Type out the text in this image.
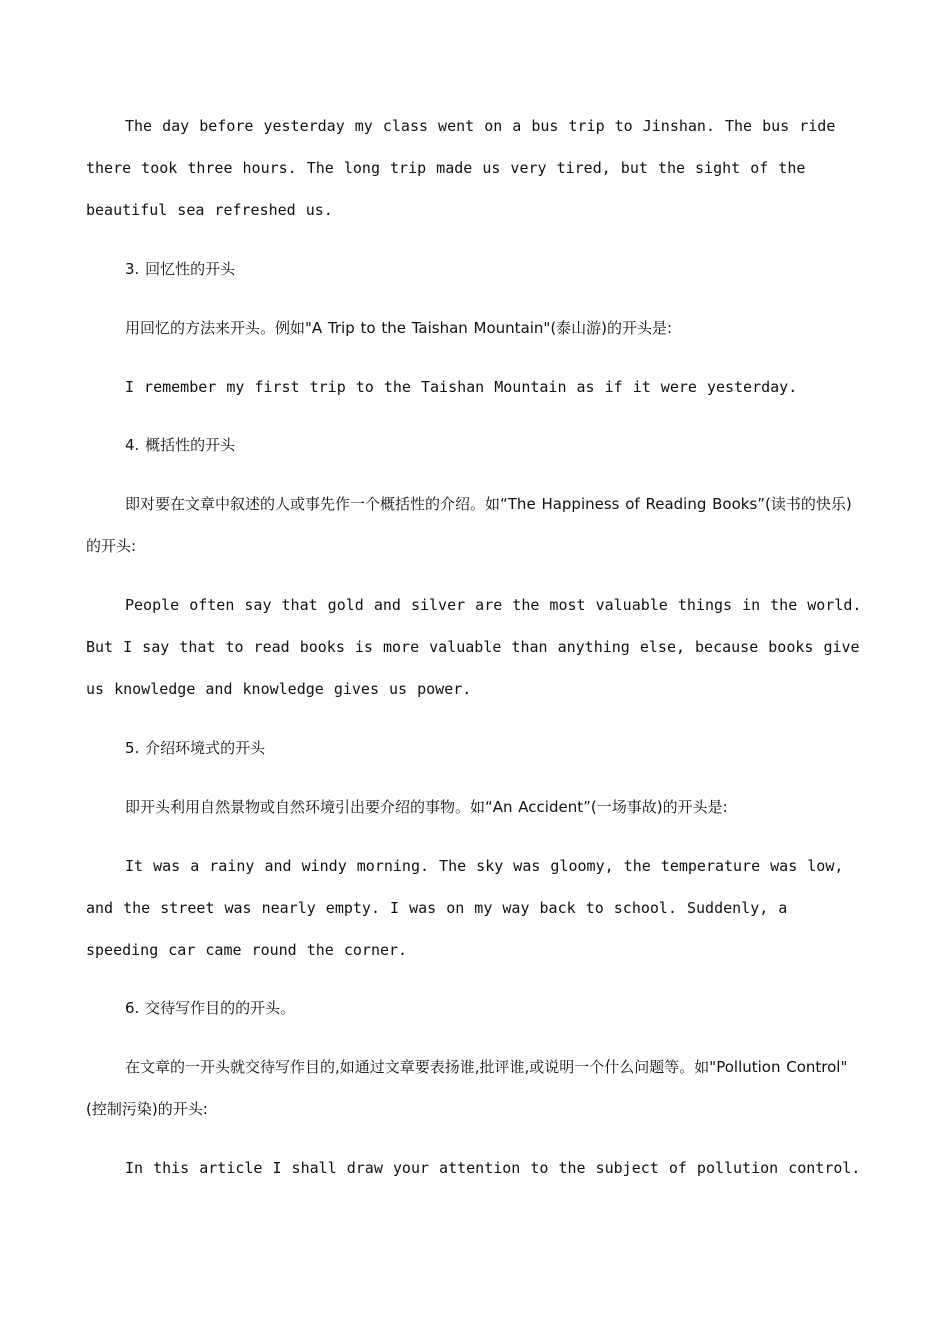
The day before yesterday my class went on a bus trip to Jinshan. The bus ride there took three hours. The long trip made us very tired, but the sight of the beautiful sea refreshed us.
3. 回忆性的开头
用回忆的方法来开头。例如"A Trip to the Taishan Mountain"(泰山游)的开头是:
I remember my first trip to the Taishan Mountain as if it were yesterday.
4. 概括性的开头
即对要在文章中叙述的人或事先作一个概括性的介绍。如“The Happiness of Reading Books”(读书的快乐)的开头:
People often say that gold and silver are the most valuable things in the world. But I say that to read books is more valuable than anything else, because books give us knowledge and knowledge gives us power.
5. 介绍环境式的开头
即开头利用自然景物或自然环境引出要介绍的事物。如“An Accident”(一场事故)的开头是:
It was a rainy and windy morning. The sky was gloomy, the temperature was low, and the street was nearly empty. I was on my way back to school. Suddenly, a speeding car came round the corner.
6. 交待写作目的的开头。
在文章的一开头就交待写作目的,如通过文章要表扬谁,批评谁,或说明一个什么问题等。如"Pollution Control" (控制污染)的开头:
In this article I shall draw your attention to the subject of pollution control.
